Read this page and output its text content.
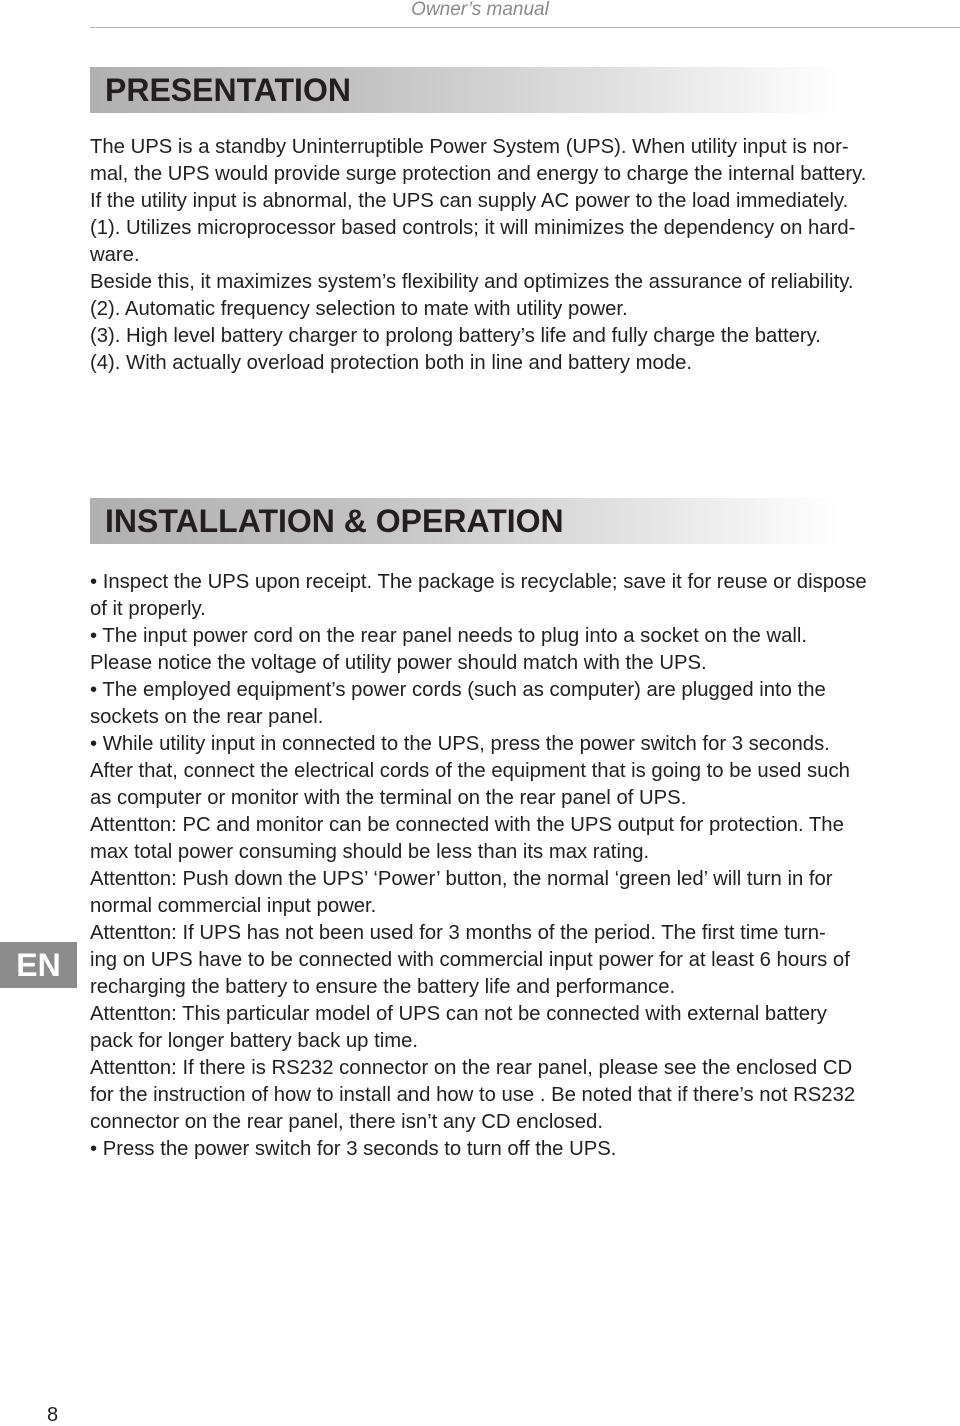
Owner’s manual
PRESENTATION
The UPS is a standby Uninterruptible Power System (UPS). When utility input is nor-
mal, the UPS would provide surge protection and energy to charge the internal battery.
If the utility input is abnormal, the UPS can supply AC power to the load immediately.
(1). Utilizes microprocessor based controls; it will minimizes the dependency on hard-
ware.
Beside this, it maximizes system’s flexibility and optimizes the assurance of reliability.
(2). Automatic frequency selection to mate with utility power.
(3). High level battery charger to prolong battery’s life and fully charge the battery.
(4). With actually overload protection both in line and battery mode.
INSTALLATION & OPERATION
• Inspect the UPS upon receipt. The package is recyclable; save it for reuse or dispose
of it properly.
• The input power cord on the rear panel needs to plug into a socket on the wall.
Please notice the voltage of utility power should match with the UPS.
• The employed equipment’s power cords (such as computer) are plugged into the
sockets on the rear panel.
• While utility input in connected to the UPS, press the power switch for 3 seconds.
After that, connect the electrical cords of the equipment that is going to be used such
as computer or monitor with the terminal on the rear panel of UPS.
Attentton: PC and monitor can be connected with the UPS output for protection. The
max total power consuming should be less than its max rating.
Attentton: Push down the UPS’ ‘Power’ button, the normal ‘green led’ will turn in for
normal commercial input power.
Attentton: If UPS has not been used for 3 months of the period. The first time turn-
ing on UPS have to be connected with commercial input power for at least 6 hours of
recharging the battery to ensure the battery life and performance.
Attentton: This particular model of UPS can not be connected with external battery
pack for longer battery back up time.
Attentton: If there is RS232 connector on the rear panel, please see the enclosed CD
for the instruction of how to install and how to use . Be noted that if there’s not RS232
connector on the rear panel, there isn’t any CD enclosed.
• Press the power switch for 3 seconds to turn off the UPS.
EN
8
